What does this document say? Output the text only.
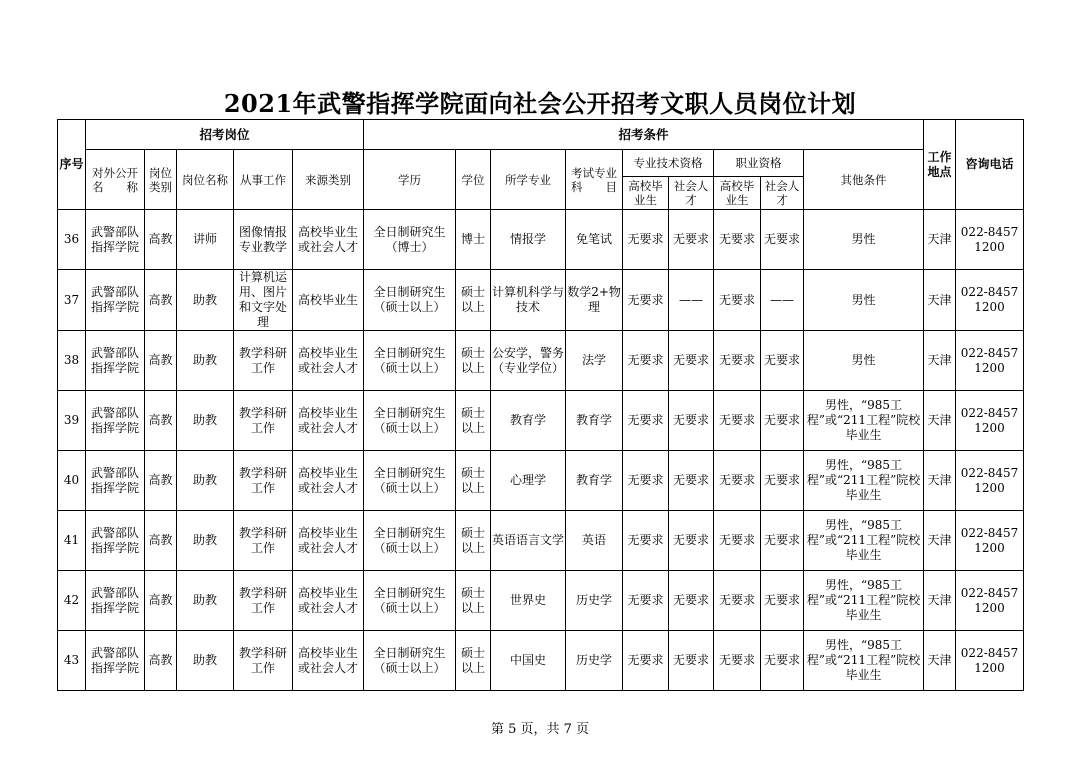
2021年武警指挥学院面向社会公开招考文职人员岗位计划
序号	招考岗位					招考条件									工作地点	咨询电话
	对外公开名　　称	岗位类别	岗位名称	从事工作	来源类别	学历	学位	所学专业	考试专业科　　目	专业技术资格		职业资格		其他条件		
										高校毕业生	社会人才	高校毕业生	社会人才			
36	武警部队指挥学院	高教	讲师	图像情报专业教学	高校毕业生或社会人才	全日制研究生（博士）	博士	情报学	免笔试	无要求	无要求	无要求	无要求	男性	天津	022-84571200
37	武警部队指挥学院	高教	助教	计算机运用、图片和文字处理	高校毕业生	全日制研究生（硕士以上）	硕士以上	计算机科学与技术	数学2+物理	无要求	——	无要求	——	男性	天津	022-84571200
38	武警部队指挥学院	高教	助教	教学科研工作	高校毕业生或社会人才	全日制研究生（硕士以上）	硕士以上	公安学，警务（专业学位）	法学	无要求	无要求	无要求	无要求	男性	天津	022-84571200
39	武警部队指挥学院	高教	助教	教学科研工作	高校毕业生或社会人才	全日制研究生（硕士以上）	硕士以上	教育学	教育学	无要求	无要求	无要求	无要求	男性，“985工程”或“211工程”院校毕业生	天津	022-84571200
40	武警部队指挥学院	高教	助教	教学科研工作	高校毕业生或社会人才	全日制研究生（硕士以上）	硕士以上	心理学	教育学	无要求	无要求	无要求	无要求	男性，“985工程”或“211工程”院校毕业生	天津	022-84571200
41	武警部队指挥学院	高教	助教	教学科研工作	高校毕业生或社会人才	全日制研究生（硕士以上）	硕士以上	英语语言文学	英语	无要求	无要求	无要求	无要求	男性，“985工程”或“211工程”院校毕业生	天津	022-84571200
42	武警部队指挥学院	高教	助教	教学科研工作	高校毕业生或社会人才	全日制研究生（硕士以上）	硕士以上	世界史	历史学	无要求	无要求	无要求	无要求	男性，“985工程”或“211工程”院校毕业生	天津	022-84571200
43	武警部队指挥学院	高教	助教	教学科研工作	高校毕业生或社会人才	全日制研究生（硕士以上）	硕士以上	中国史	历史学	无要求	无要求	无要求	无要求	男性，“985工程”或“211工程”院校毕业生	天津	022-84571200
第 5 页，共 7 页
